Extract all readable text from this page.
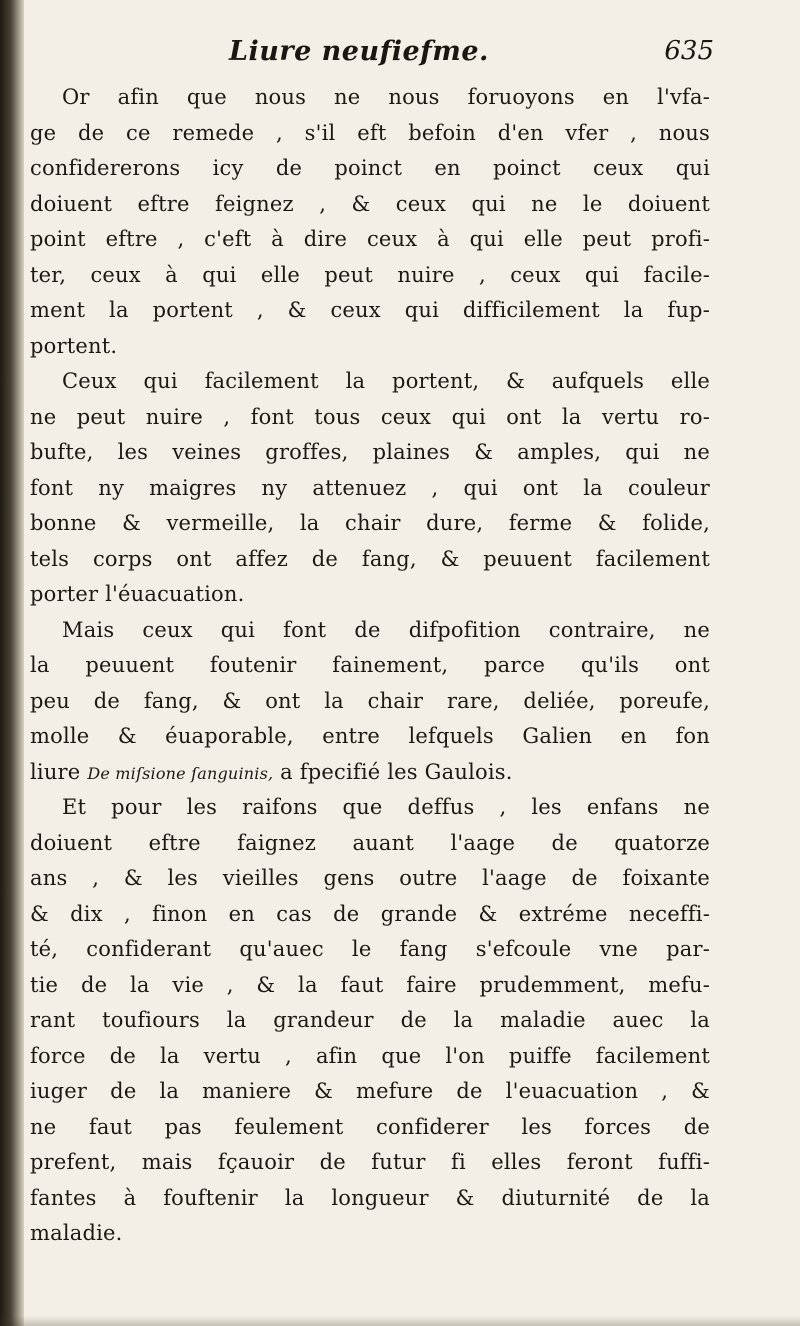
Liure neufiefme.	635
Or afin que nous ne nous foruoyons en l'vfa-
ge de ce remede , s'il eft befoin d'en vfer , nous
confidererons icy de poinct en poinct ceux qui
doiuent eftre feignez , & ceux qui ne le doiuent
point eftre , c'eft à dire ceux à qui elle peut profi-
ter, ceux à qui elle peut nuire , ceux qui facile-
ment la portent , & ceux qui difficilement la fup-
portent.
Ceux qui facilement la portent, & aufquels elle
ne peut nuire , font tous ceux qui ont la vertu ro-
bufte, les veines groffes, plaines & amples, qui ne
font ny maigres ny attenuez , qui ont la couleur
bonne & vermeille, la chair dure, ferme & folide,
tels corps ont affez de fang, & peuuent facilement
porter l'éuacuation.
Mais ceux qui font de difpofition contraire, ne
la peuuent foutenir fainement, parce qu'ils ont
peu de fang, & ont la chair rare, deliée, poreufe,
molle & éuaporable, entre lefquels Galien en fon
liure De miſsione ſanguinis, a fpecifié les Gaulois.
Et pour les raifons que deffus , les enfans ne
doiuent eftre faignez auant l'aage de quatorze
ans , & les vieilles gens outre l'aage de foixante
& dix , finon en cas de grande & extréme neceffi-
té, confiderant qu'auec le fang s'efcoule vne par-
tie de la vie , & la faut faire prudemment, mefu-
rant toufiours la grandeur de la maladie auec la
force de la vertu , afin que l'on puiffe facilement
iuger de la maniere & mefure de l'euacuation , &
ne faut pas feulement confiderer les forces de
prefent, mais fçauoir de futur fi elles feront fuffi-
fantes à fouftenir la longueur & diuturnité de la
maladie.
